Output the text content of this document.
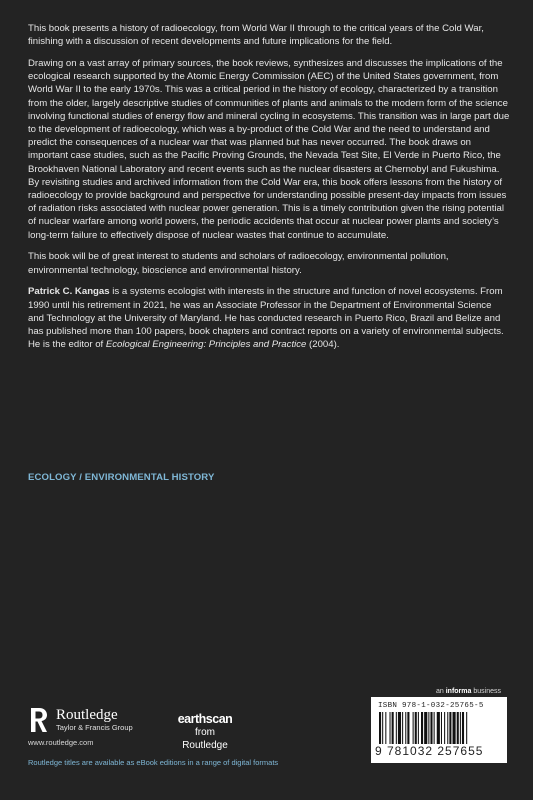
This book presents a history of radioecology, from World War II through to the critical years of the Cold War, finishing with a discussion of recent developments and future implications for the field.

Drawing on a vast array of primary sources, the book reviews, synthesizes and discusses the implications of the ecological research supported by the Atomic Energy Commission (AEC) of the United States government, from World War II to the early 1970s. This was a critical period in the history of ecology, characterized by a transition from the older, largely descriptive studies of communities of plants and animals to the modern form of the science involving functional studies of energy flow and mineral cycling in ecosystems. This transition was in large part due to the development of radioecology, which was a by-product of the Cold War and the need to understand and predict the consequences of a nuclear war that was planned but has never occurred. The book draws on important case studies, such as the Pacific Proving Grounds, the Nevada Test Site, El Verde in Puerto Rico, the Brookhaven National Laboratory and recent events such as the nuclear disasters at Chernobyl and Fukushima. By revisiting studies and archived information from the Cold War era, this book offers lessons from the history of radioecology to provide background and perspective for understanding possible present-day impacts from issues of radiation risks associated with nuclear power generation. This is a timely contribution given the rising potential of nuclear warfare among world powers, the periodic accidents that occur at nuclear power plants and society’s long-term failure to effectively dispose of nuclear wastes that continue to accumulate.

This book will be of great interest to students and scholars of radioecology, environmental pollution, environmental technology, bioscience and environmental history.

Patrick C. Kangas is a systems ecologist with interests in the structure and function of novel ecosystems. From 1990 until his retirement in 2021, he was an Associate Professor in the Department of Environmental Science and Technology at the University of Maryland. He has conducted research in Puerto Rico, Brazil and Belize and has published more than 100 papers, book chapters and contract reports on a variety of environmental subjects. He is the editor of Ecological Engineering: Principles and Practice (2004).

ECOLOGY / ENVIRONMENTAL HISTORY
an informa business
Routledge
Taylor & Francis Group
www.routledge.com
earthscan
from Routledge
ISBN 978-1-032-25765-5
9 781032 257655
Routledge titles are available as eBook editions in a range of digital formats
